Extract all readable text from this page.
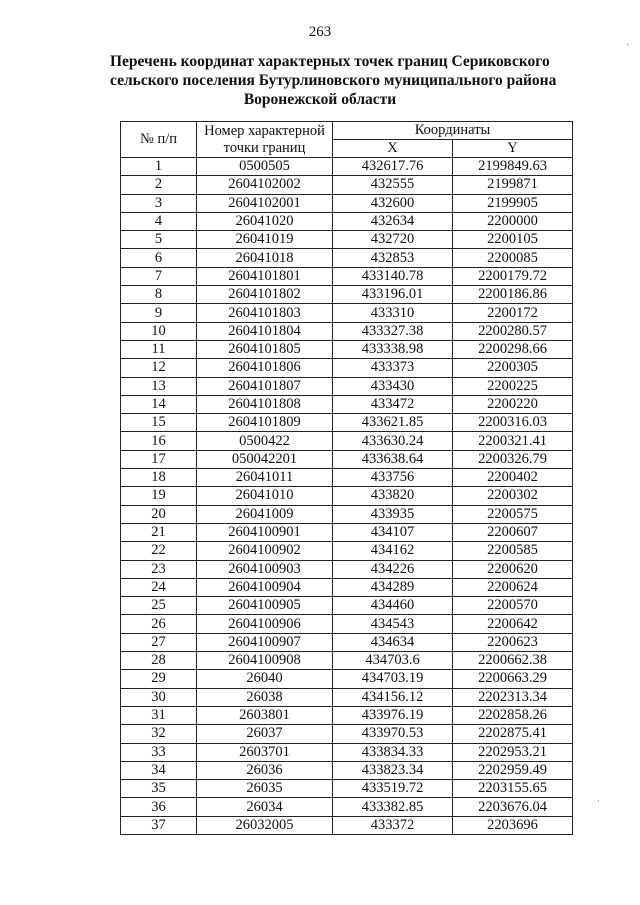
263
Перечень координат характерных точек границ Сериковского
сельского поселения Бутурлиновского муниципального района
Воронежской области
№ п/п	Номер характерной
точки границ	Координаты	
		X	Y
1	0500505	432617.76	2199849.63
2	2604102002	432555	2199871
3	2604102001	432600	2199905
4	26041020	432634	2200000
5	26041019	432720	2200105
6	26041018	432853	2200085
7	2604101801	433140.78	2200179.72
8	2604101802	433196.01	2200186.86
9	2604101803	433310	2200172
10	2604101804	433327.38	2200280.57
11	2604101805	433338.98	2200298.66
12	2604101806	433373	2200305
13	2604101807	433430	2200225
14	2604101808	433472	2200220
15	2604101809	433621.85	2200316.03
16	0500422	433630.24	2200321.41
17	050042201	433638.64	2200326.79
18	26041011	433756	2200402
19	26041010	433820	2200302
20	26041009	433935	2200575
21	2604100901	434107	2200607
22	2604100902	434162	2200585
23	2604100903	434226	2200620
24	2604100904	434289	2200624
25	2604100905	434460	2200570
26	2604100906	434543	2200642
27	2604100907	434634	2200623
28	2604100908	434703.6	2200662.38
29	26040	434703.19	2200663.29
30	26038	434156.12	2202313.34
31	2603801	433976.19	2202858.26
32	26037	433970.53	2202875.41
33	2603701	433834.33	2202953.21
34	26036	433823.34	2202959.49
35	26035	433519.72	2203155.65
36	26034	433382.85	2203676.04
37	26032005	433372	2203696
